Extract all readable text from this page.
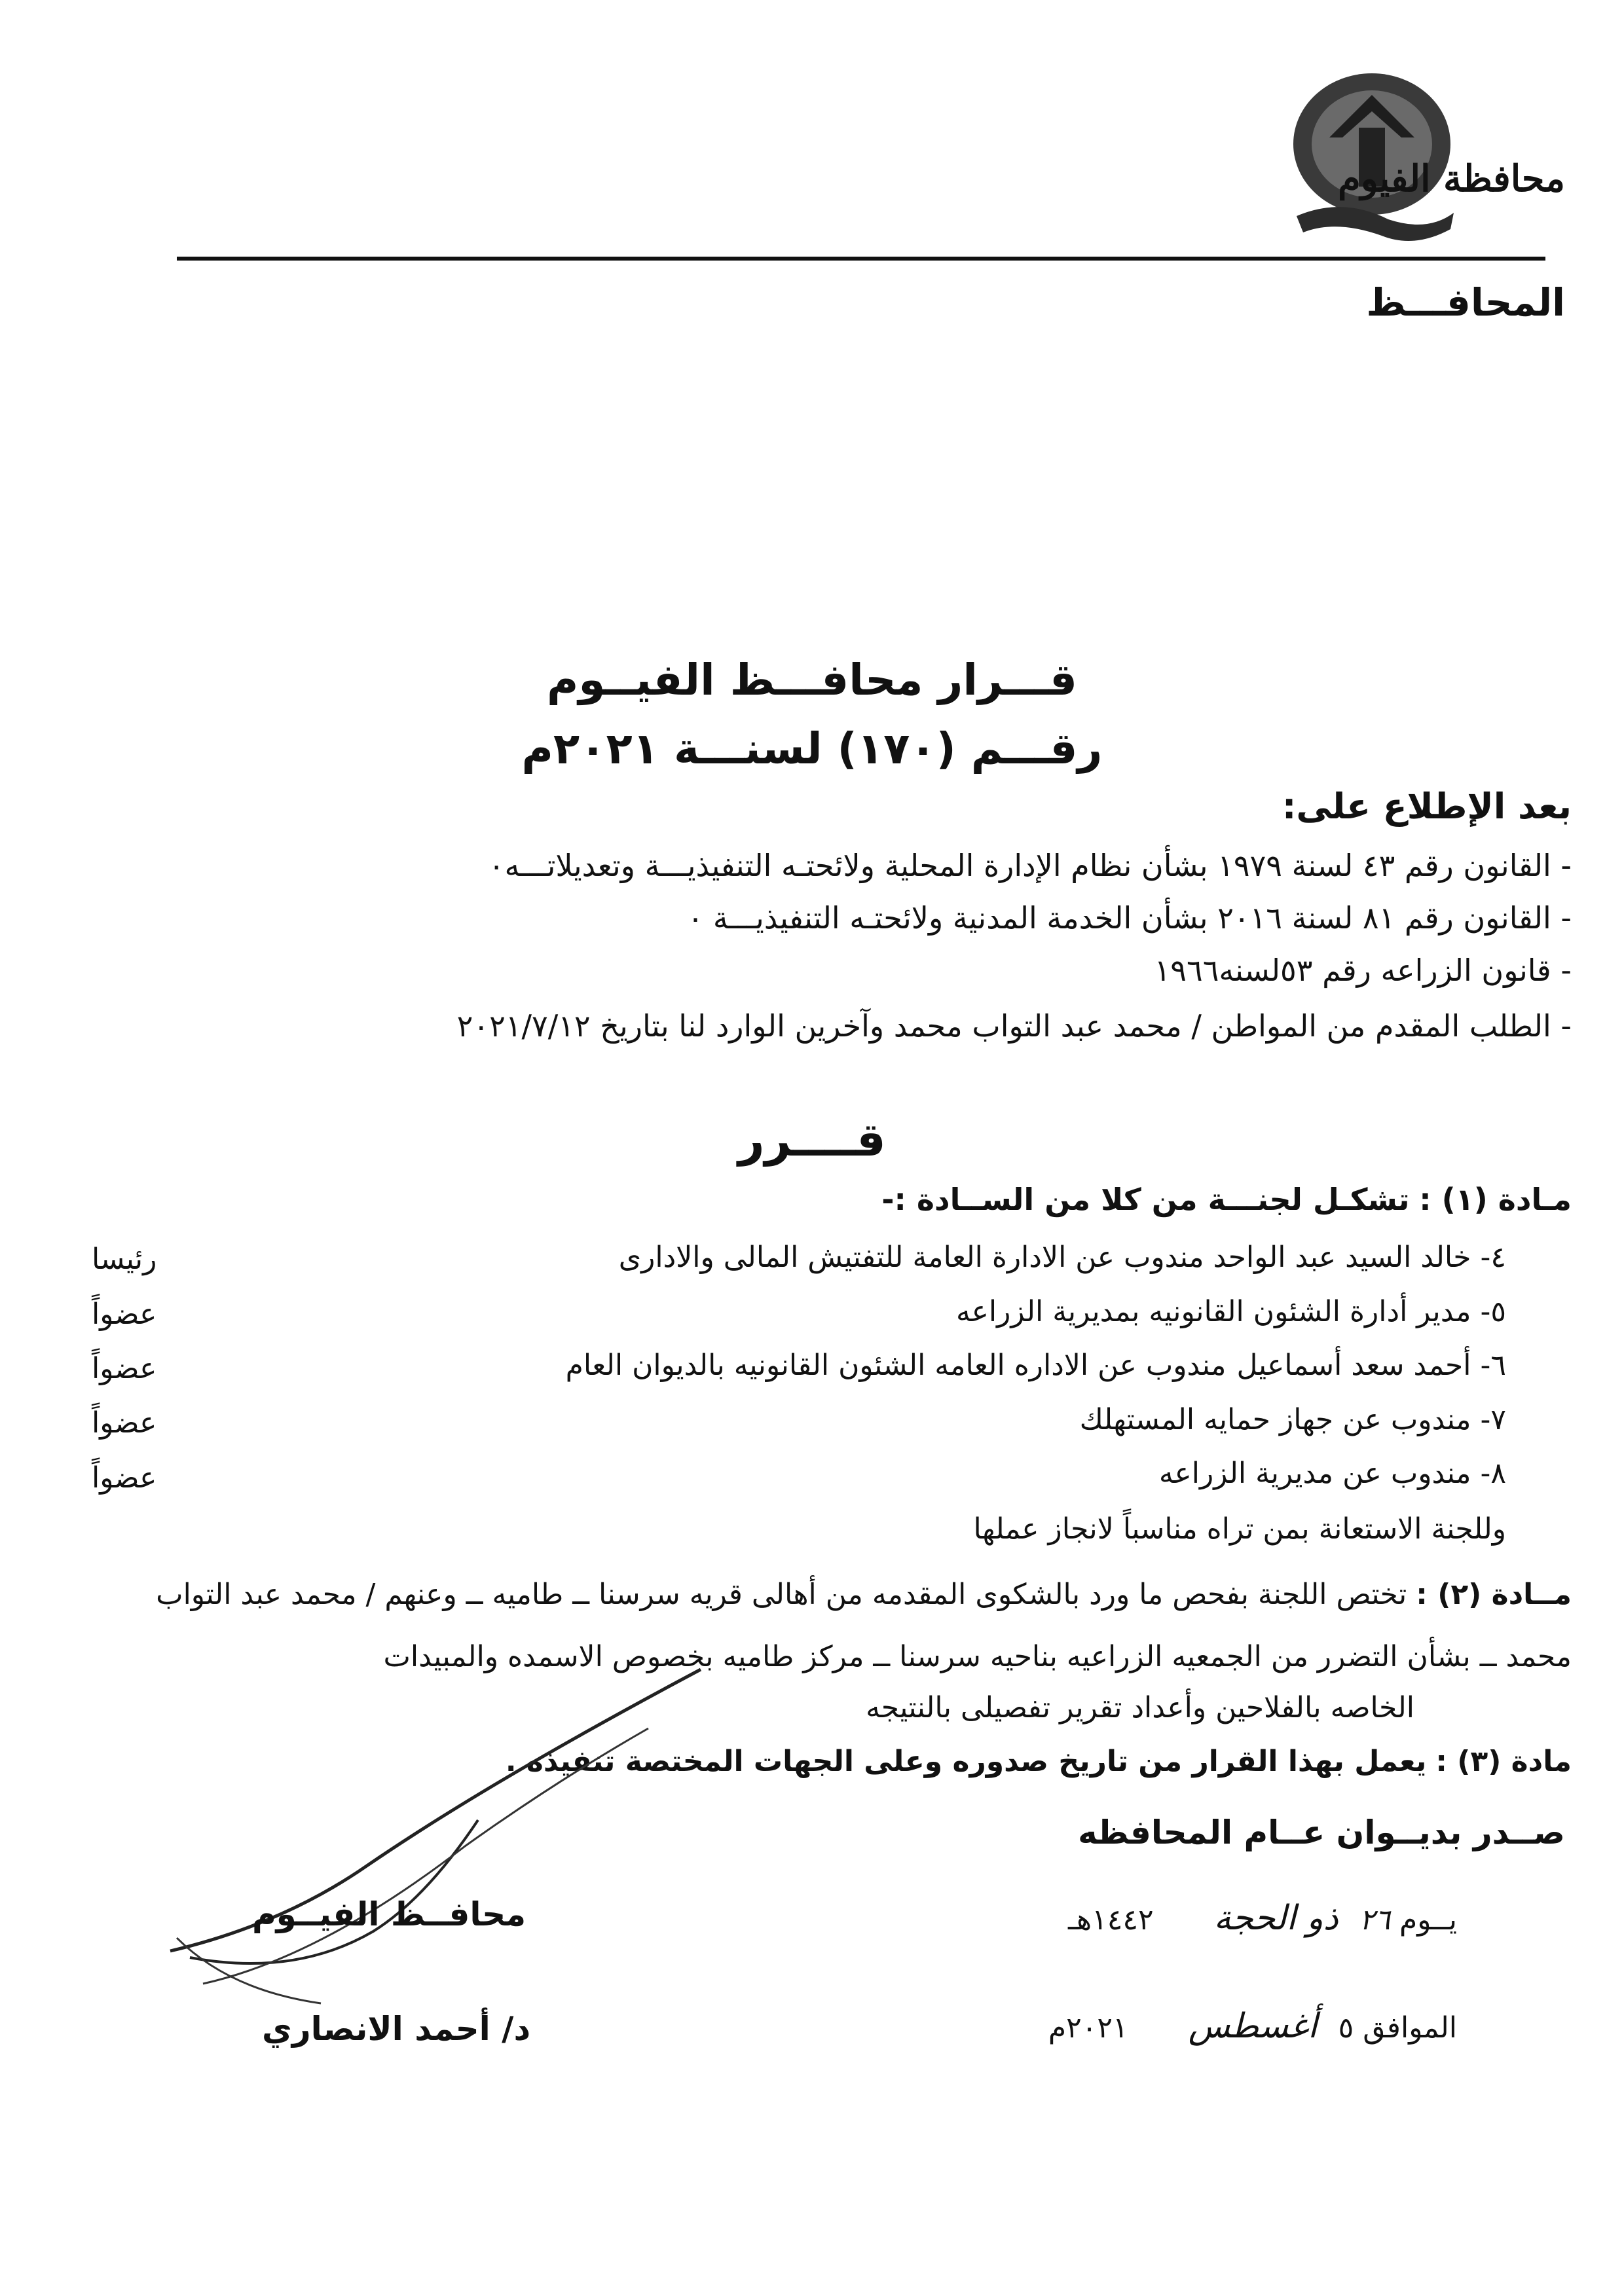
محافظة الفيوم
المحافـــظ
قـــرار محافـــظ الفيــوم
رقـــم (١٧٠) لسنـــة ٢٠٢١م
بعد الإطلاع على:
- القانون رقم ٤٣ لسنة ١٩٧٩ بشأن نظام الإدارة المحلية ولائحتـه التنفيذيـــة وتعديلاتـــه٠
- القانون رقم ٨١ لسنة ٢٠١٦ بشأن الخدمة المدنية ولائحتـه التنفيذيـــة ٠
- قانون الزراعه رقم ٥٣لسنه١٩٦٦
- الطلب المقدم من المواطن / محمد عبد التواب محمد وآخرين الوارد لنا بتاريخ ٢٠٢١/٧/١٢
قــــرر
مـادة (١) : تشكـل لجنـــة من كلا من الســادة :-
٤- خالد السيد عبد الواحد مندوب عن الادارة العامة للتفتيش المالى والادارى
رئيسا
٥- مدير أدارة الشئون القانونيه بمديرية الزراعه
عضواً
٦- أحمد سعد أسماعيل مندوب عن الاداره العامه الشئون القانونيه بالديوان العام
عضواً
٧- مندوب عن جهاز حمايه المستهلك
عضواً
٨- مندوب عن مديرية الزراعه
عضواً
وللجنة الاستعانة بمن تراه مناسباً لانجاز عملها
مــادة (٢) : تختص اللجنة بفحص ما ورد بالشكوى المقدمه من أهالى قريه سرسنا ــ طاميه ــ وعنهم / محمد عبد التواب
محمد ــ بشأن التضرر من الجمعيه الزراعيه بناحيه سرسنا ــ مركز طاميه بخصوص الاسمده والمبيدات
الخاصه بالفلاحين وأعداد تقرير تفصيلى بالنتيجه
مادة (٣) : يعمل بهذا القرار من تاريخ صدوره وعلى الجهات المختصة تنفيذه .
صــدر بديــوان عــام المحافظه
يــوم ٢٦ ذو الحجة ١٤٤٢هـ
الموافق ٥ أغسطس ٢٠٢١م
محافــظ الفيــوم
د/ أحمد الانصاري
